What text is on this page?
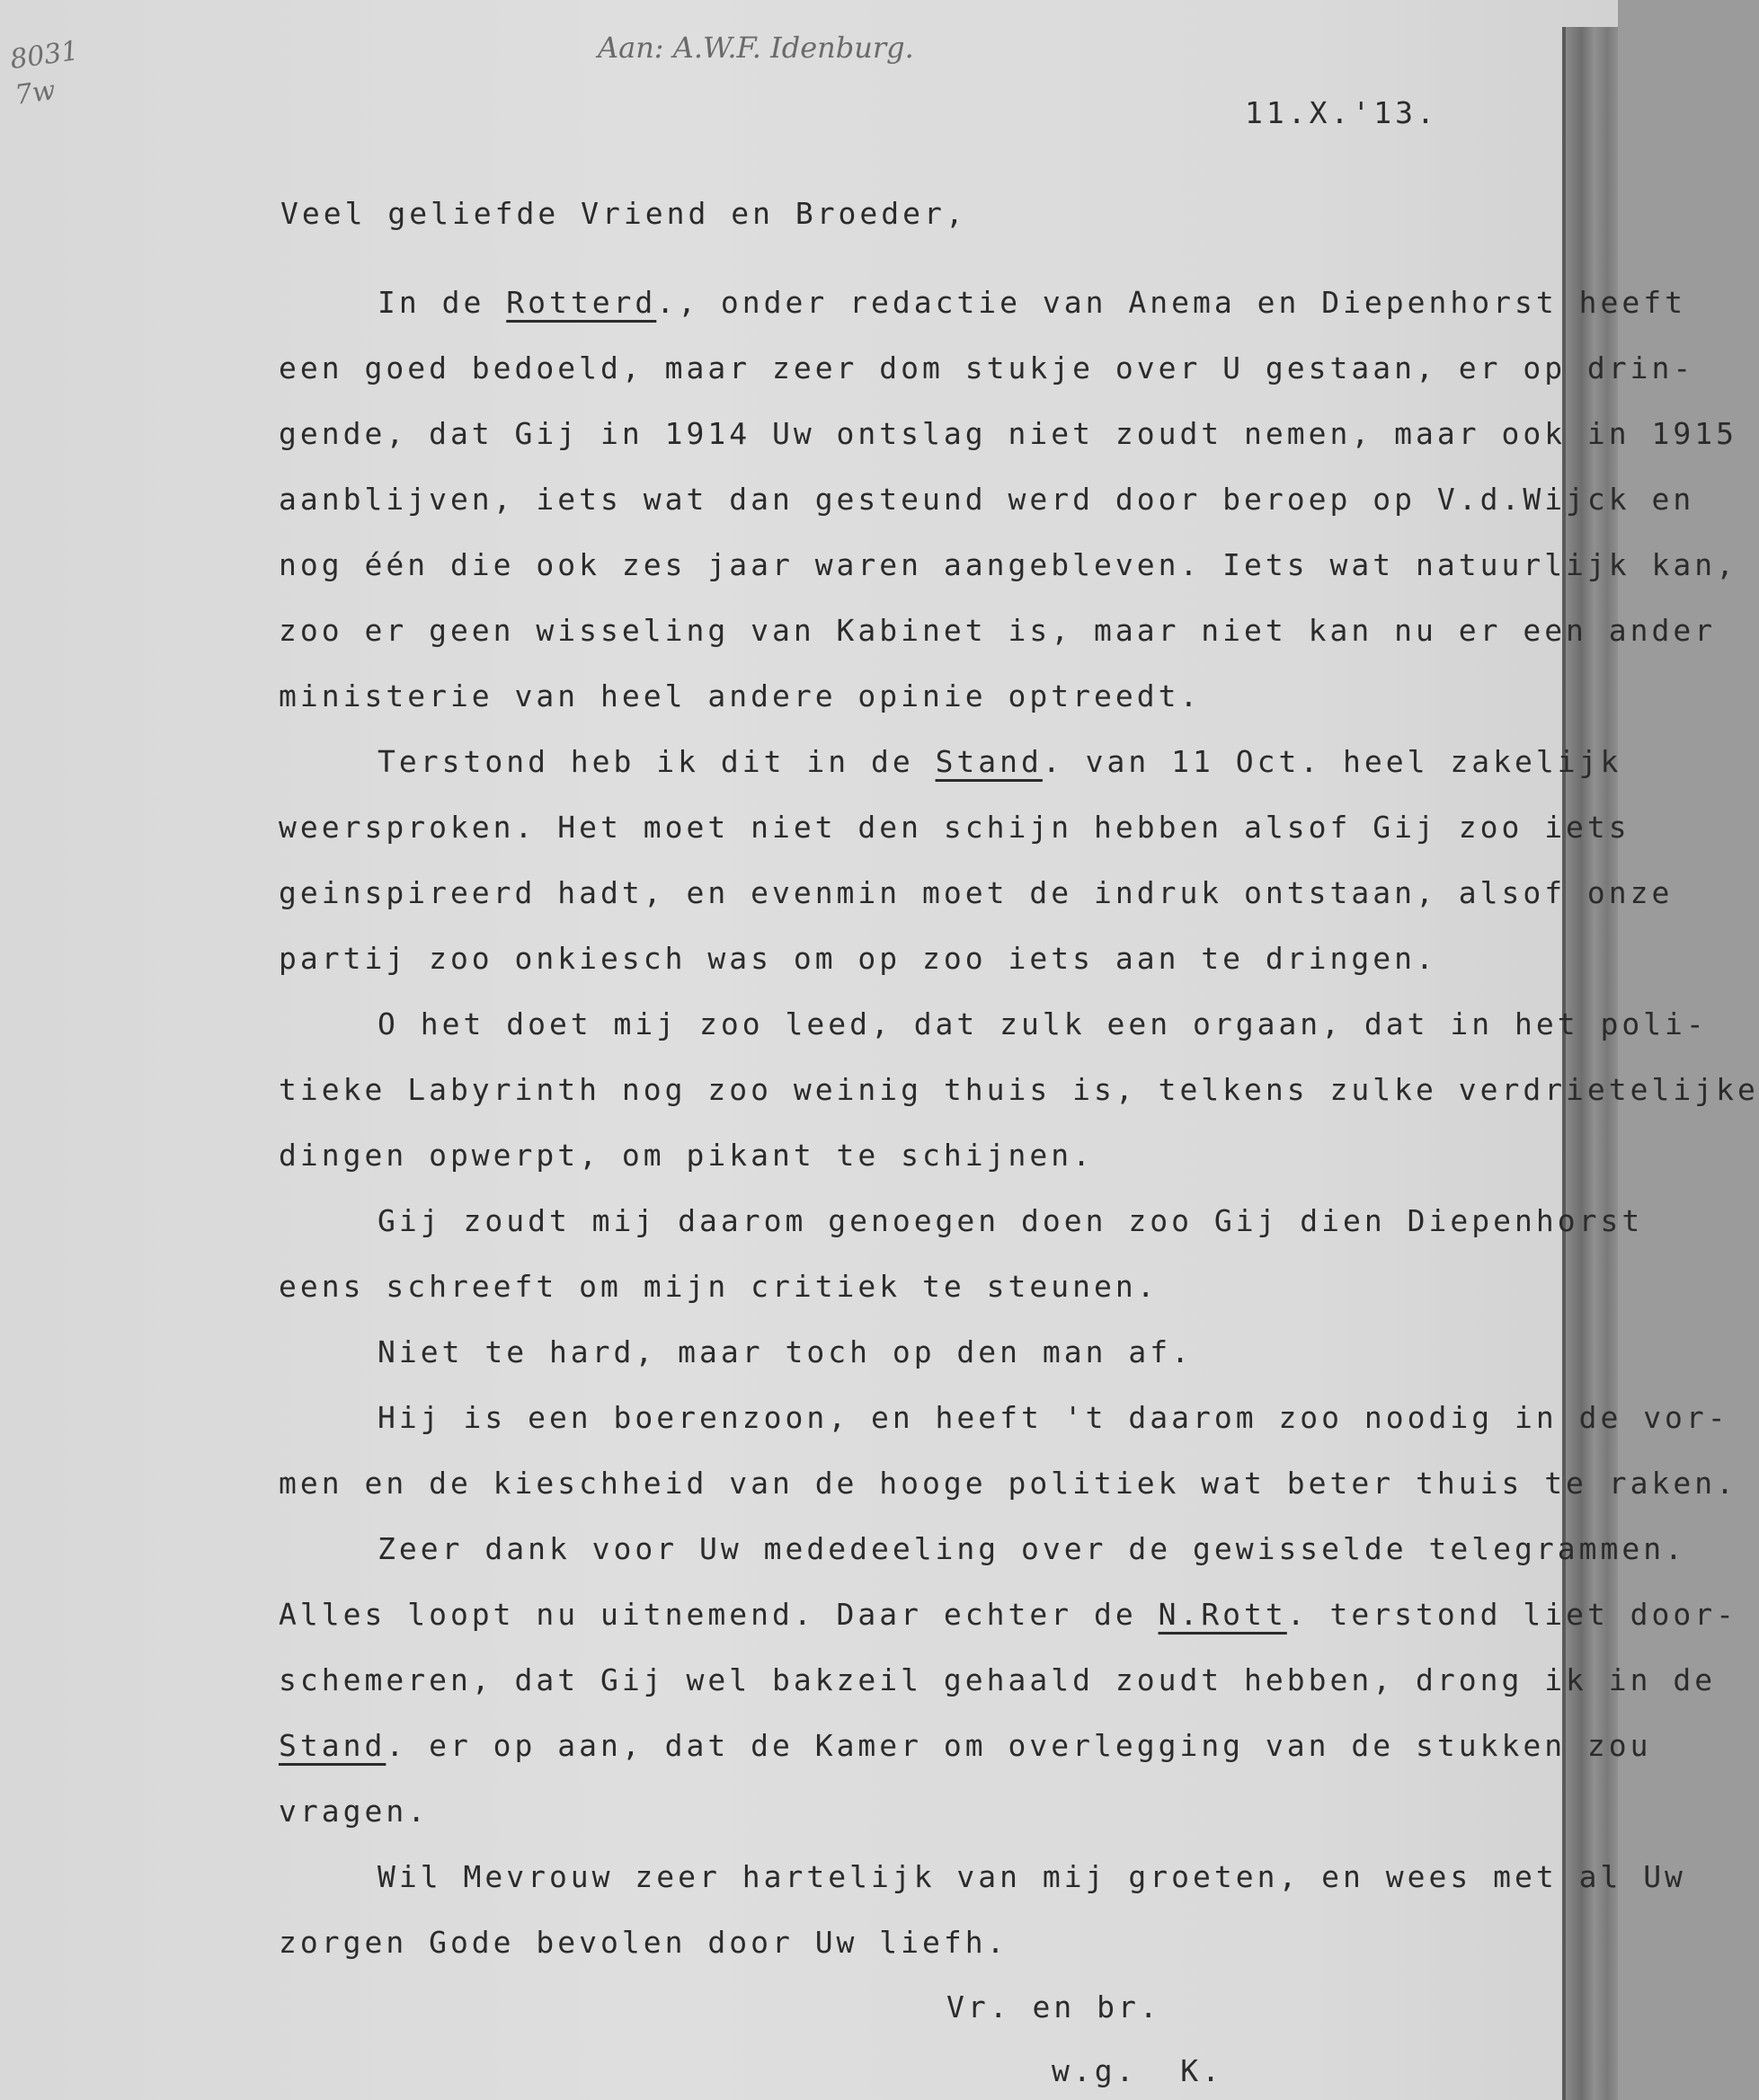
8031
7w
Aan: A.W.F. Idenburg.
11.X.'13.
Veel geliefde Vriend en Broeder,
In de Rotterd., onder redactie van Anema en Diepenhorst heeft
een goed bedoeld, maar zeer dom stukje over U gestaan, er op drin-
gende, dat Gij in 1914 Uw ontslag niet zoudt nemen, maar ook in 1915
aanblijven, iets wat dan gesteund werd door beroep op V.d.Wijck en
nog één die ook zes jaar waren aangebleven. Iets wat natuurlijk kan,
zoo er geen wisseling van Kabinet is, maar niet kan nu er een ander
ministerie van heel andere opinie optreedt.
Terstond heb ik dit in de Stand. van 11 Oct. heel zakelijk
weersproken. Het moet niet den schijn hebben alsof Gij zoo iets
geinspireerd hadt, en evenmin moet de indruk ontstaan, alsof onze
partij zoo onkiesch was om op zoo iets aan te dringen.
O het doet mij zoo leed, dat zulk een orgaan, dat in het poli-
tieke Labyrinth nog zoo weinig thuis is, telkens zulke verdrietelijke
dingen opwerpt, om pikant te schijnen.
Gij zoudt mij daarom genoegen doen zoo Gij dien Diepenhorst
eens schreeft om mijn critiek te steunen.
Niet te hard, maar toch op den man af.
Hij is een boerenzoon, en heeft 't daarom zoo noodig in de vor-
men en de kieschheid van de hooge politiek wat beter thuis te raken.
Zeer dank voor Uw mededeeling over de gewisselde telegrammen.
Alles loopt nu uitnemend. Daar echter de N.Rott. terstond liet door-
schemeren, dat Gij wel bakzeil gehaald zoudt hebben, drong ik in de
Stand. er op aan, dat de Kamer om overlegging van de stukken zou
vragen.
Wil Mevrouw zeer hartelijk van mij groeten, en wees met al Uw
zorgen Gode bevolen door Uw liefh.
Vr. en br.
w.g.  K.
